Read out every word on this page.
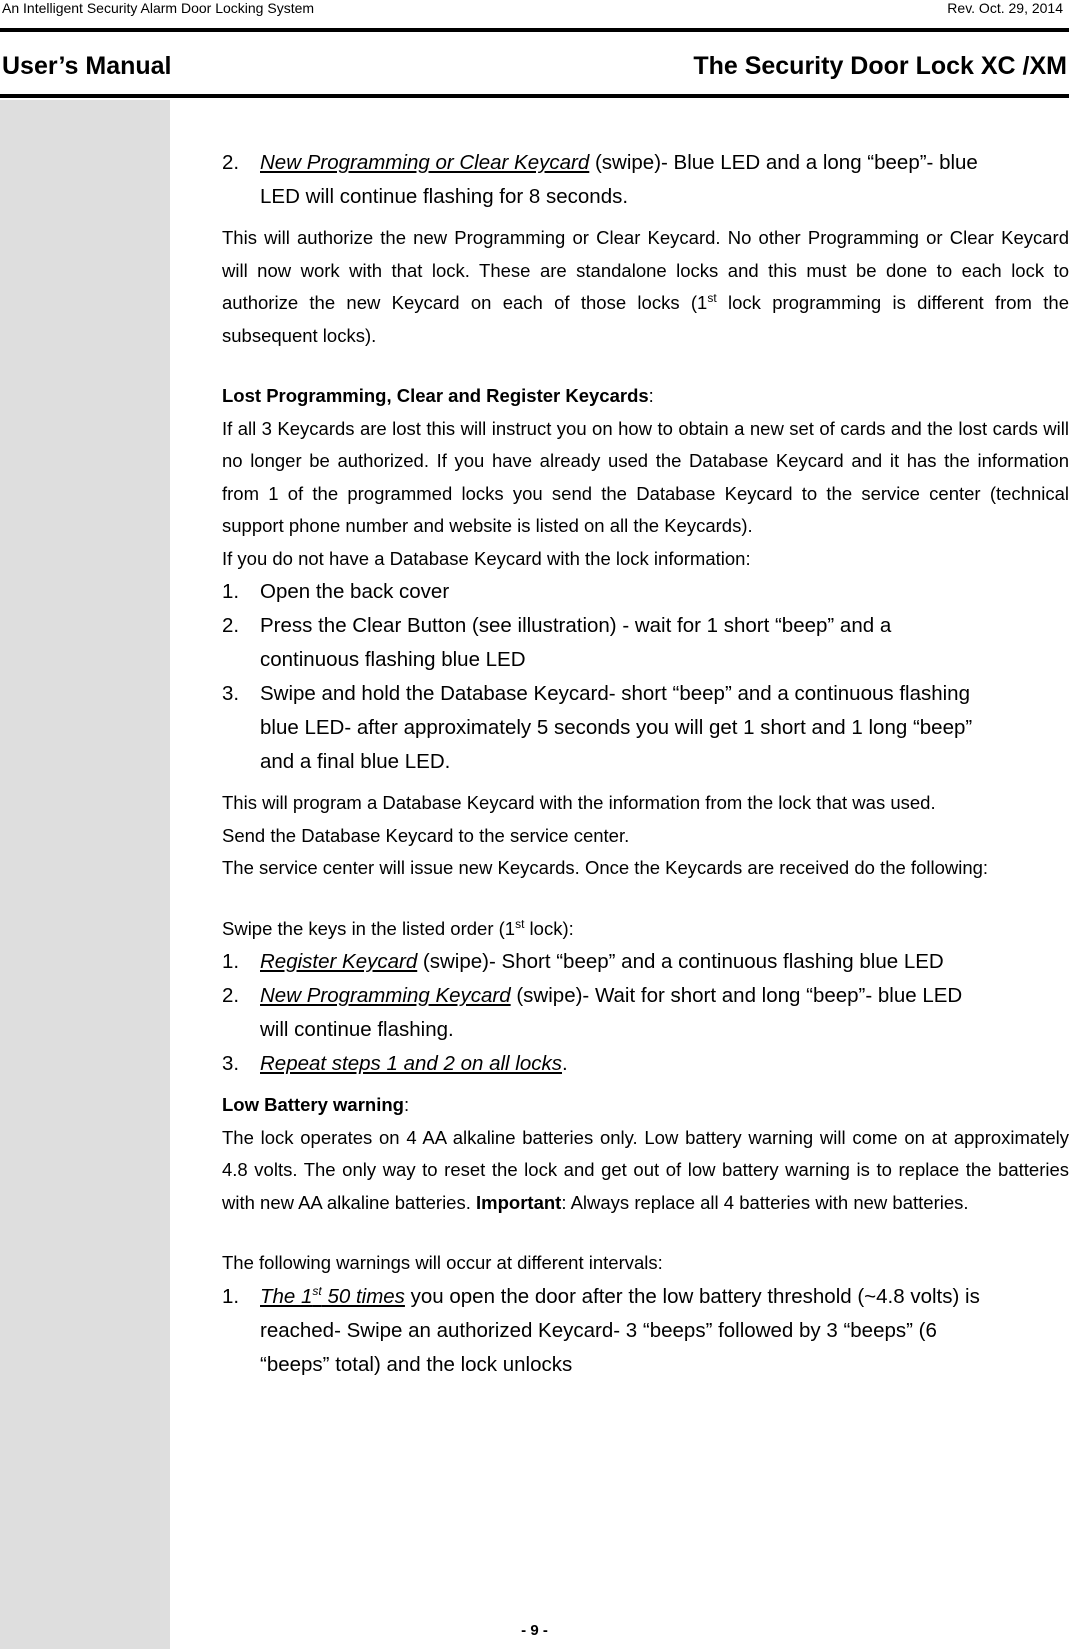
An Intelligent Security Alarm Door Locking System	Rev. Oct. 29, 2014
User’s Manual	The Security Door Lock XC /XM
2. New Programming or Clear Keycard (swipe)- Blue LED and a long “beep”- blue
LED will continue flashing for 8 seconds.
This will authorize the new Programming or Clear Keycard. No other Programming or Clear Keycard will now work with that lock. These are standalone locks and this must be done to each lock to authorize the new Keycard on each of those locks (1st lock programming is different from the subsequent locks).
Lost Programming, Clear and Register Keycards:
If all 3 Keycards are lost this will instruct you on how to obtain a new set of cards and the lost cards will no longer be authorized. If you have already used the Database Keycard and it has the information from 1 of the programmed locks you send the Database Keycard to the service center (technical support phone number and website is listed on all the Keycards).
If you do not have a Database Keycard with the lock information:
1. Open the back cover
2. Press the Clear Button (see illustration) - wait for 1 short “beep” and a
continuous flashing blue LED
3. Swipe and hold the Database Keycard- short “beep” and a continuous flashing
blue LED- after approximately 5 seconds you will get 1 short and 1 long “beep”
and a final blue LED.
This will program a Database Keycard with the information from the lock that was used.
Send the Database Keycard to the service center.
The service center will issue new Keycards. Once the Keycards are received do the following:
Swipe the keys in the listed order (1st lock):
1. Register Keycard (swipe)- Short “beep” and a continuous flashing blue LED
2. New Programming Keycard (swipe)- Wait for short and long “beep”- blue LED
will continue flashing.
3. Repeat steps 1 and 2 on all locks.
Low Battery warning:
The lock operates on 4 AA alkaline batteries only. Low battery warning will come on at approximately 4.8 volts. The only way to reset the lock and get out of low battery warning is to replace the batteries with new AA alkaline batteries. Important: Always replace all 4 batteries with new batteries.
The following warnings will occur at different intervals:
1. The 1st 50 times you open the door after the low battery threshold (~4.8 volts) is
reached- Swipe an authorized Keycard- 3 “beeps” followed by 3 “beeps” (6
“beeps” total) and the lock unlocks
- 9 -
